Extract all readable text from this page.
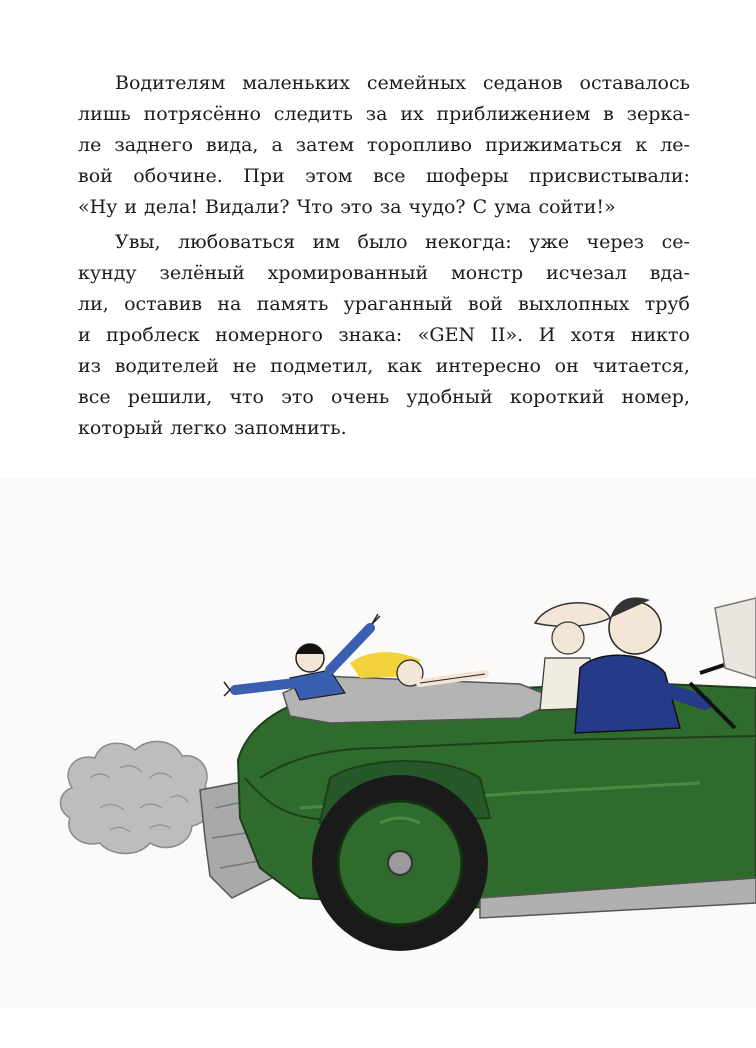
Водителям маленьких семейных седанов оставалось
лишь потрясённо следить за их приближением в зерка-
ле заднего вида, а затем торопливо прижиматься к ле-
вой обочине. При этом все шоферы присвистывали:
«Ну и дела! Видали? Что это за чудо? С ума сойти!»
Увы, любоваться им было некогда: уже через се-
кунду зелёный хромированный монстр исчезал вда-
ли, оставив на память ураганный вой выхлопных труб
и проблеск номерного знака: «GEN II». И хотя никто
из водителей не подметил, как интересно он читается,
все решили, что это очень удобный короткий номер,
который легко запомнить.
